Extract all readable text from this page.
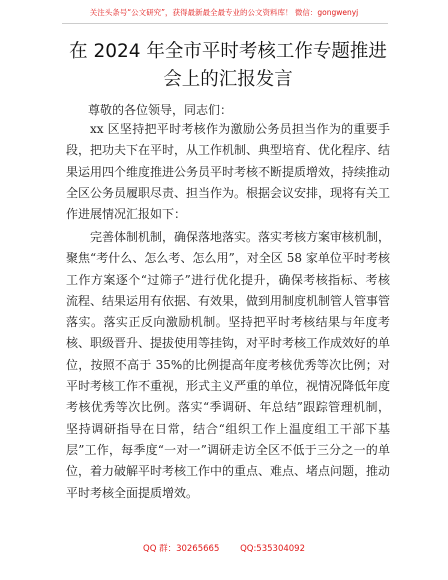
关注头条号“公文研究”，获得最新最全最专业的公文资料库！ 微信：gongwenyj
在 2024 年全市平时考核工作专题推进会上的汇报发言
尊敬的各位领导，同志们：

xx 区坚持把平时考核作为激励公务员担当作为的重要手段，把功夫下在平时，从工作机制、典型培育、优化程序、结果运用四个维度推进公务员平时考核不断提质增效，持续推动全区公务员履职尽责、担当作为。根据会议安排，现将有关工作进展情况汇报如下：

完善体制机制，确保落地落实。落实考核方案审核机制，聚焦“考什么、怎么考、怎么用”，对全区 58 家单位平时考核工作方案逐个“过筛子”进行优化提升，确保考核指标、考核流程、结果运用有依据、有效果，做到用制度机制管人管事管落实。落实正反向激励机制。坚持把平时考核结果与年度考核、职级晋升、提拔使用等挂钩，对平时考核工作成效好的单位，按照不高于 35%的比例提高年度考核优秀等次比例；对平时考核工作不重视，形式主义严重的单位，视情况降低年度考核优秀等次比例。落实“季调研、年总结”跟踪管理机制，坚持调研指导在日常，结合“组织工作上温度组工干部下基层”工作，每季度“一对一”调研走访全区不低于三分之一的单位，着力破解平时考核工作中的重点、难点、堵点问题，推动平时考核全面提质增效。

QQ 群：30265665 QQ:535304092
